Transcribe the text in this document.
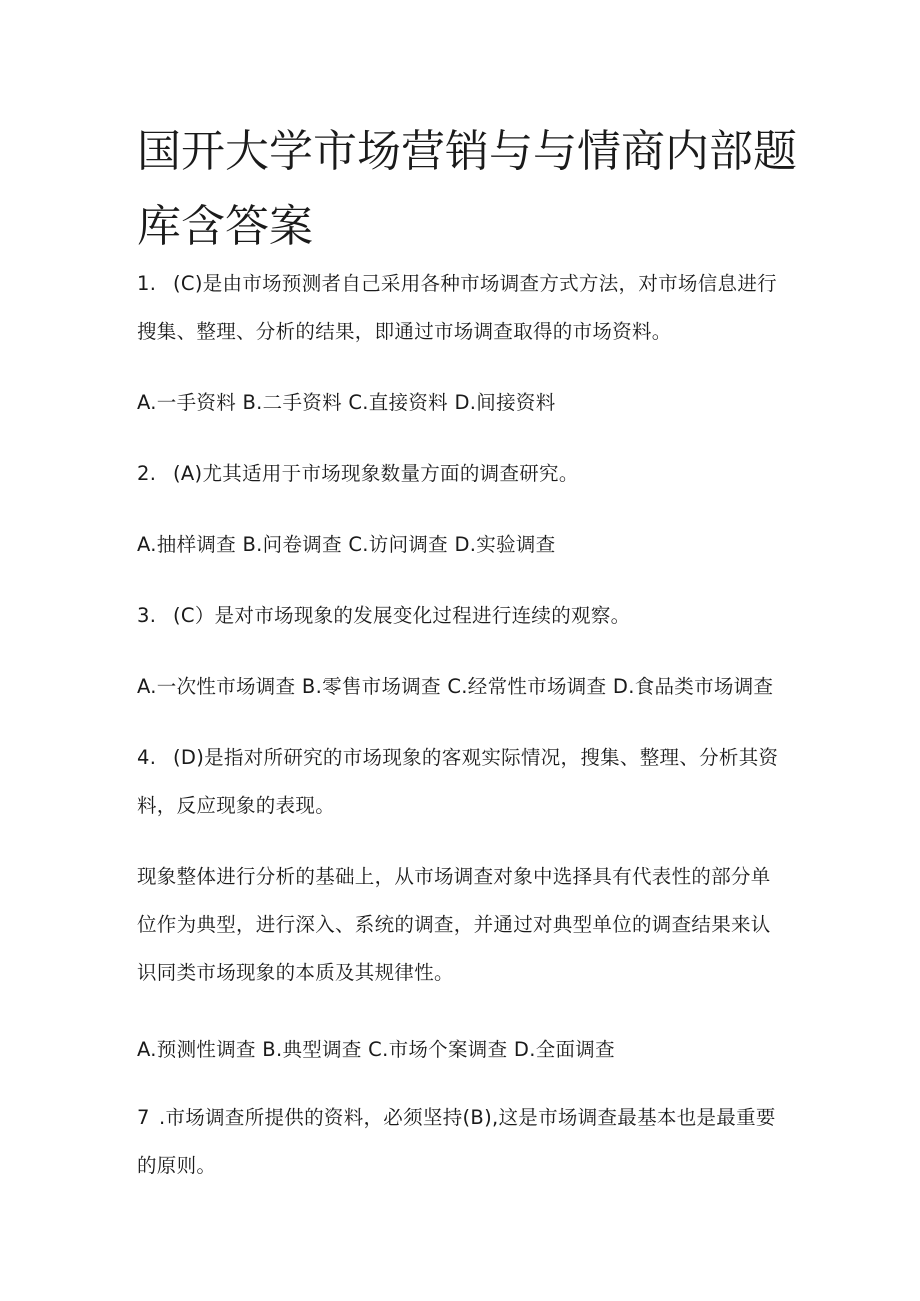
国开大学市场营销与与情商内部题
库含答案

1. (C)是由市场预测者自己采用各种市场调查方式方法，对市场信息进行

搜集、整理、分析的结果，即通过市场调查取得的市场资料。

A.一手资料 B.二手资料 C.直接资料 D.间接资料

2. (A)尤其适用于市场现象数量方面的调查研究。

A.抽样调查 B.问卷调查 C.访问调查 D.实验调查

3. (C）是对市场现象的发展变化过程进行连续的观察。

A.一次性市场调查 B.零售市场调查 C.经常性市场调查 D.食品类市场调查

4. (D)是指对所研究的市场现象的客观实际情况，搜集、整理、分析其资

料，反应现象的表现。

现象整体进行分析的基础上，从市场调查对象中选择具有代表性的部分单

位作为典型，进行深入、系统的调查，并通过对典型单位的调查结果来认

识同类市场现象的本质及其规律性。

A.预测性调查 B.典型调查 C.市场个案调查 D.全面调查

7 .市场调查所提供的资料，必须坚持(B),这是市场调查最基本也是最重要

的原则。
